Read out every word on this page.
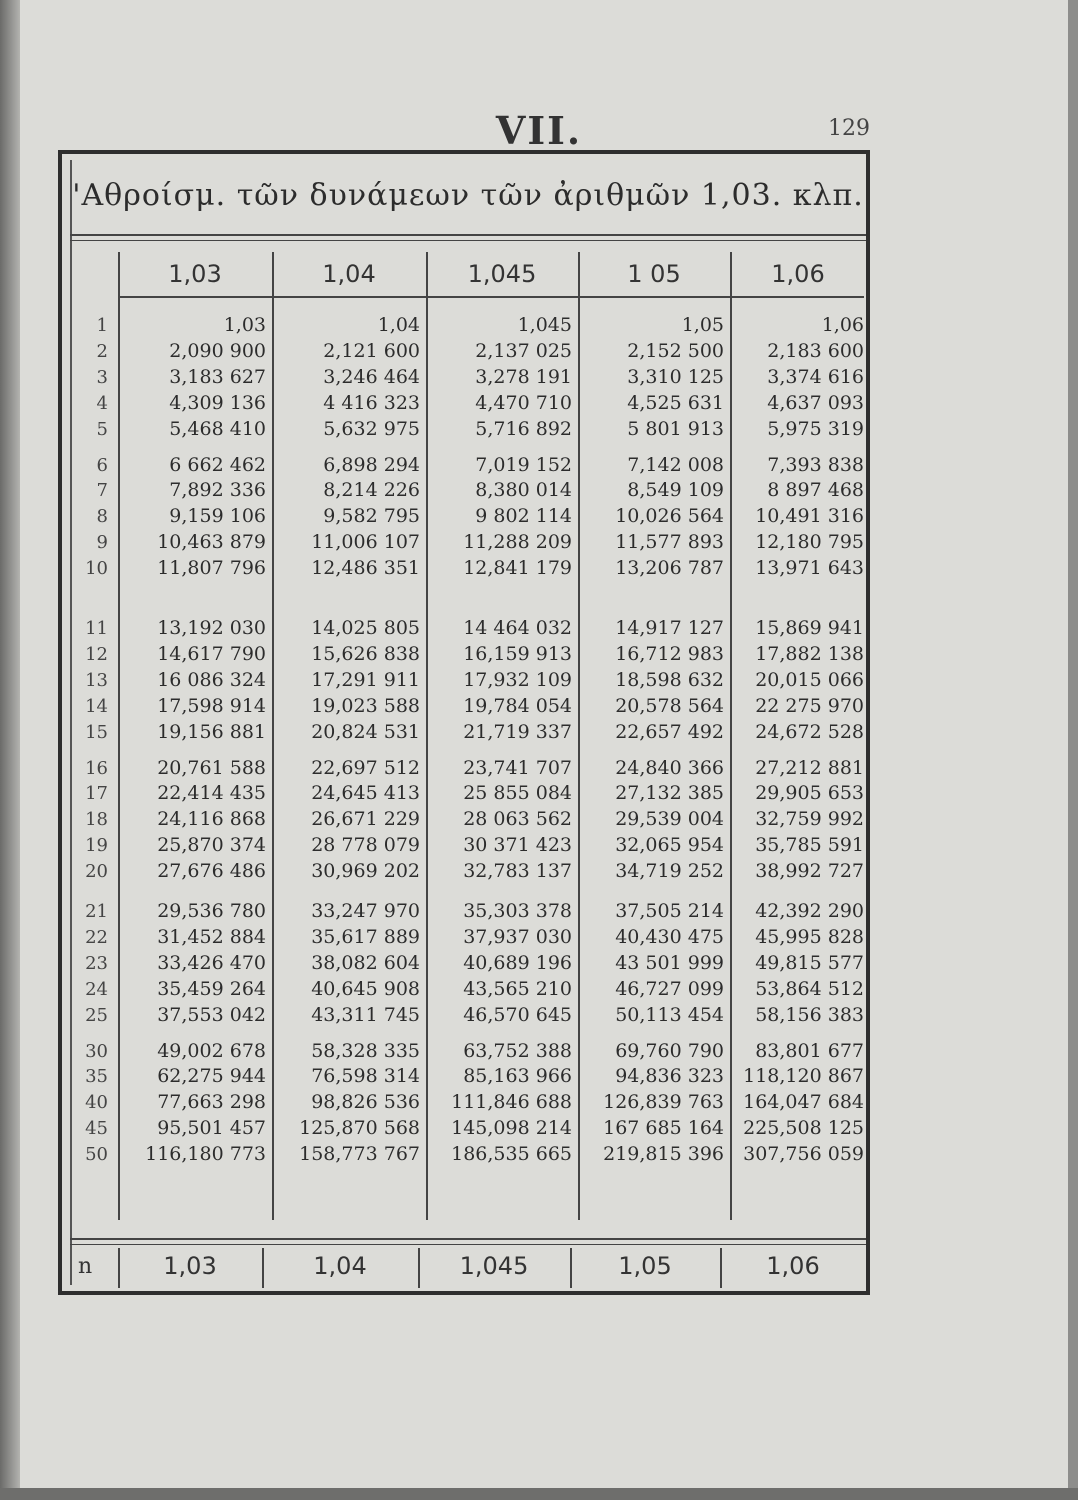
VII.	129
'Αθροίσμ. τῶν δυνάμεων τῶν ἀριθμῶν 1,03. κλπ.
1,03	1,04	1,045	1 05	1,06
1	1,03	1,04	1,045	1,05	1,06
2	2,090 900	2,121 600	2,137 025	2,152 500	2,183 600
3	3,183 627	3,246 464	3,278 191	3,310 125	3,374 616
4	4,309 136	4 416 323	4,470 710	4,525 631	4,637 093
5	5,468 410	5,632 975	5,716 892	5 801 913	5,975 319
6	6 662 462	6,898 294	7,019 152	7,142 008	7,393 838
7	7,892 336	8,214 226	8,380 014	8,549 109	8 897 468
8	9,159 106	9,582 795	9 802 114	10,026 564	10,491 316
9	10,463 879	11,006 107	11,288 209	11,577 893	12,180 795
10	11,807 796	12,486 351	12,841 179	13,206 787	13,971 643
11	13,192 030	14,025 805	14 464 032	14,917 127	15,869 941
12	14,617 790	15,626 838	16,159 913	16,712 983	17,882 138
13	16 086 324	17,291 911	17,932 109	18,598 632	20,015 066
14	17,598 914	19,023 588	19,784 054	20,578 564	22 275 970
15	19,156 881	20,824 531	21,719 337	22,657 492	24,672 528
16	20,761 588	22,697 512	23,741 707	24,840 366	27,212 881
17	22,414 435	24,645 413	25 855 084	27,132 385	29,905 653
18	24,116 868	26,671 229	28 063 562	29,539 004	32,759 992
19	25,870 374	28 778 079	30 371 423	32,065 954	35,785 591
20	27,676 486	30,969 202	32,783 137	34,719 252	38,992 727
21	29,536 780	33,247 970	35,303 378	37,505 214	42,392 290
22	31,452 884	35,617 889	37,937 030	40,430 475	45,995 828
23	33,426 470	38,082 604	40,689 196	43 501 999	49,815 577
24	35,459 264	40,645 908	43,565 210	46,727 099	53,864 512
25	37,553 042	43,311 745	46,570 645	50,113 454	58,156 383
30	49,002 678	58,328 335	63,752 388	69,760 790	83,801 677
35	62,275 944	76,598 314	85,163 966	94,836 323	118,120 867
40	77,663 298	98,826 536	111,846 688	126,839 763	164,047 684
45	95,501 457	125,870 568	145,098 214	167 685 164	225,508 125
50	116,180 773	158,773 767	186,535 665	219,815 396	307,756 059
n	1,03	1,04	1,045	1,05	1,06
